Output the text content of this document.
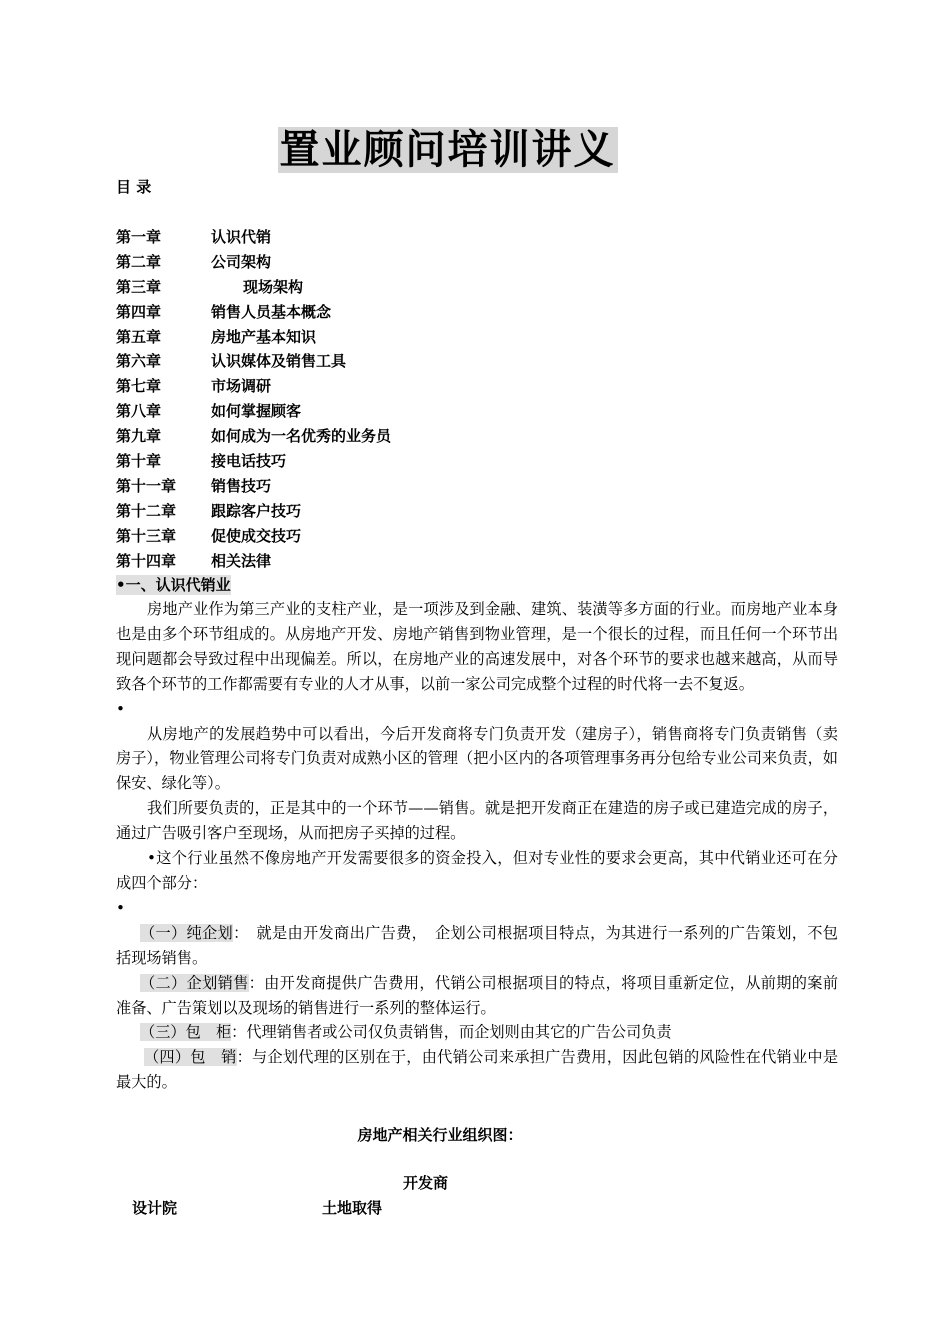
置业顾问培训讲义
目 录
第一章	认识代销
第二章	公司架构
第三章	现场架构
第四章	销售人员基本概念
第五章	房地产基本知识
第六章	认识媒体及销售工具
第七章	市场调研
第八章	如何掌握顾客
第九章	如何成为一名优秀的业务员
第十章	接电话技巧
第十一章 销售技巧
第十二章 跟踪客户技巧
第十三章 促使成交技巧
第十四章 相关法律
•一、认识代销业

房地产业作为第三产业的支柱产业，是一项涉及到金融、建筑、装潢等多方面的行业。而房地产业本身也是由多个环节组成的。从房地产开发、房地产销售到物业管理，是一个很长的过程，而且任何一个环节出现问题都会导致过程中出现偏差。所以，在房地产业的高速发展中，对各个环节的要求也越来越高，从而导致各个环节的工作都需要有专业的人才从事，以前一家公司完成整个过程的时代将一去不复返。

•

从房地产的发展趋势中可以看出，今后开发商将专门负责开发（建房子），销售商将专门负责销售（卖房子），物业管理公司将专门负责对成熟小区的管理（把小区内的各项管理事务再分包给专业公司来负责，如保安、绿化等）。

我们所要负责的，正是其中的一个环节——销售。就是把开发商正在建造的房子或已建造完成的房子，通过广告吸引客户至现场，从而把房子买掉的过程。

•这个行业虽然不像房地产开发需要很多的资金投入，但对专业性的要求会更高，其中代销业还可在分成四个部分：

•

（一）纯企划：　就是由开发商出广告费，　企划公司根据项目特点，为其进行一系列的广告策划，不包括现场销售。

（二）企划销售：由开发商提供广告费用，代销公司根据项目的特点，将项目重新定位，从前期的案前准备、广告策划以及现场的销售进行一系列的整体运行。

（三）包　柜：代理销售者或公司仅负责销售，而企划则由其它的广告公司负责

（四）包　销：与企划代理的区别在于，由代销公司来承担广告费用，因此包销的风险性在代销业中是最大的。

房地产相关行业组织图：
开发商
设计院	土地取得
